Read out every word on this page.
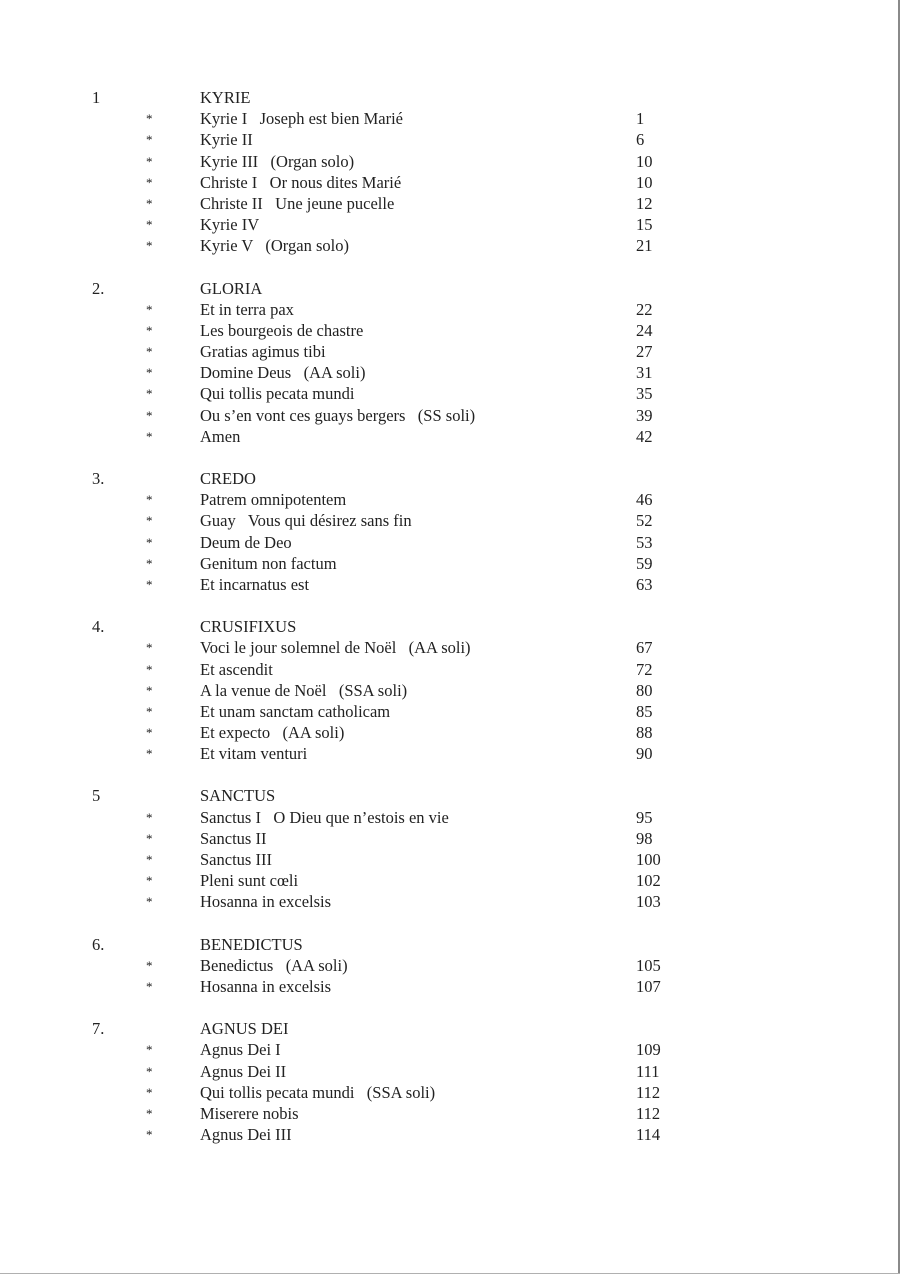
1	KYRIE
*	Kyrie I   Joseph est bien Marié	1
*	Kyrie II	6
*	Kyrie III   (Organ solo)	10
*	Christe I   Or nous dites Marié	10
*	Christe II   Une jeune pucelle	12
*	Kyrie IV	15
*	Kyrie V   (Organ solo)	21
2.	GLORIA
*	Et in terra pax	22
*	Les bourgeois de chastre	24
*	Gratias agimus tibi	27
*	Domine Deus   (AA soli)	31
*	Qui tollis pecata mundi	35
*	Ou s’en vont ces guays bergers   (SS soli)	39
*	Amen	42
3.	CREDO
*	Patrem omnipotentem	46
*	Guay   Vous qui désirez sans fin	52
*	Deum de Deo	53
*	Genitum non factum	59
*	Et incarnatus est	63
4.	CRUSIFIXUS
*	Voci le jour solemnel de Noël   (AA soli)	67
*	Et ascendit	72
*	A la venue de Noël   (SSA soli)	80
*	Et unam sanctam catholicam	85
*	Et expecto   (AA soli)	88
*	Et vitam venturi	90
5	SANCTUS
*	Sanctus I   O Dieu que n’estois en vie	95
*	Sanctus II	98
*	Sanctus III	100
*	Pleni sunt cœli	102
*	Hosanna in excelsis	103
6.	BENEDICTUS
*	Benedictus   (AA soli)	105
*	Hosanna in excelsis	107
7.	AGNUS DEI
*	Agnus Dei I	109
*	Agnus Dei II	111
*	Qui tollis pecata mundi   (SSA soli)	112
*	Miserere nobis	112
*	Agnus Dei III	114
